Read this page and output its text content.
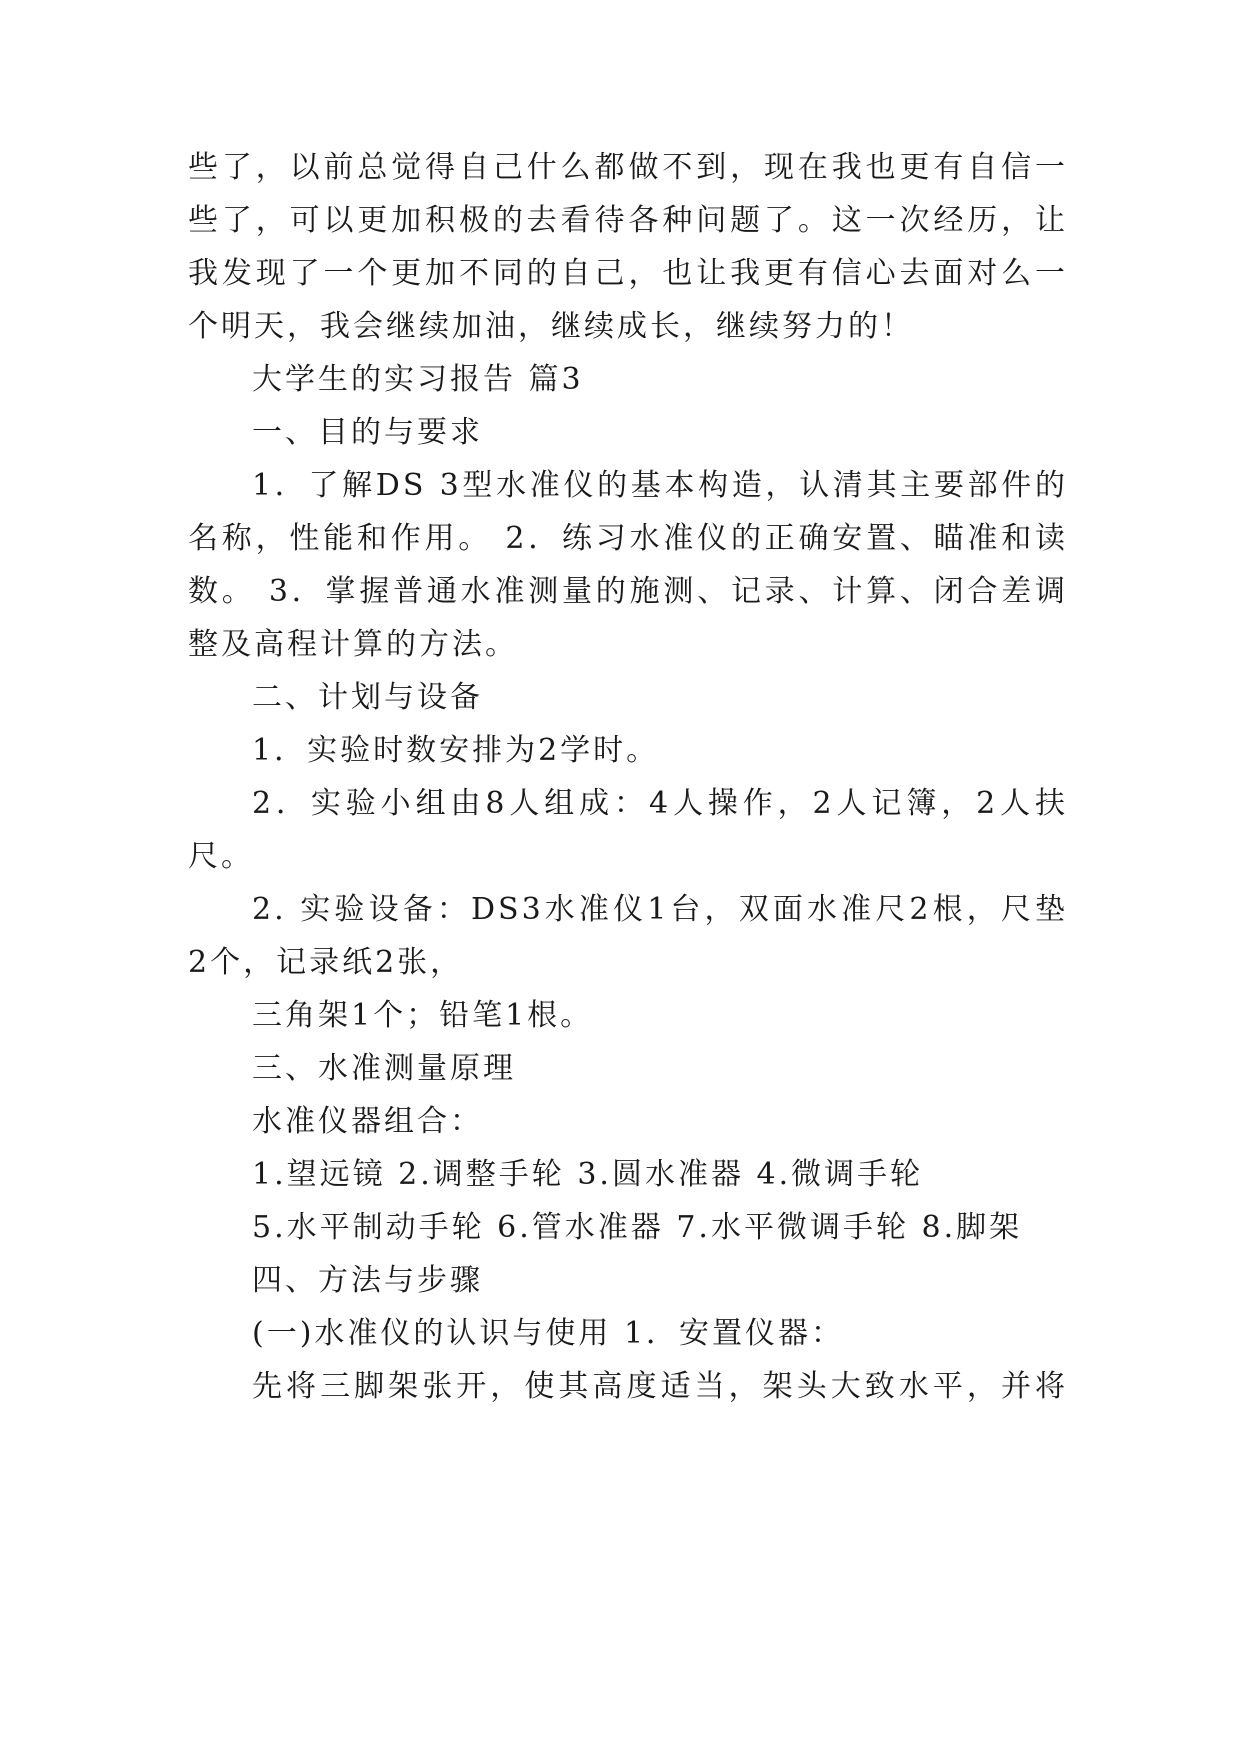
些了，以前总觉得自己什么都做不到，现在我也更有自信一
些了，可以更加积极的去看待各种问题了。这一次经历，让
我发现了一个更加不同的自己，也让我更有信心去面对么一
个明天，我会继续加油，继续成长，继续努力的！
大学生的实习报告 篇3
一、目的与要求
1．了解DS 3型水准仪的基本构造，认清其主要部件的
名称，性能和作用。 2．练习水准仪的正确安置、瞄准和读
数。 3．掌握普通水准测量的施测、记录、计算、闭合差调
整及高程计算的方法。
二、计划与设备
1．实验时数安排为2学时。
2．实验小组由8人组成：4人操作，2人记簿，2人扶
尺。
2. 实验设备：DS3水准仪1台，双面水准尺2根，尺垫
2个，记录纸2张，
三角架1个；铅笔1根。
三、水准测量原理
水准仪器组合：
1.望远镜 2.调整手轮 3.圆水准器 4.微调手轮
5.水平制动手轮 6.管水准器 7.水平微调手轮 8.脚架
四、方法与步骤
(一)水准仪的认识与使用 1．安置仪器：
先将三脚架张开，使其高度适当，架头大致水平，并将
